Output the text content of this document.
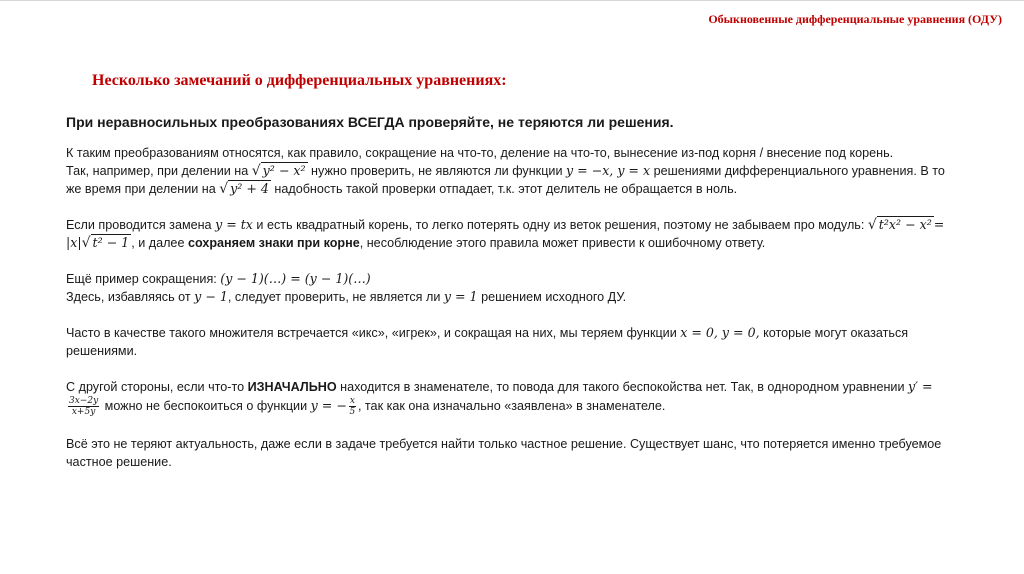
Обыкновенные дифференциальные уравнения (ОДУ)
Несколько замечаний о дифференциальных уравнениях:

При неравносильных преобразованиях ВСЕГДА проверяйте, не теряются ли решения.

К таким преобразованиям относятся, как правило, сокращение на что-то, деление на что-то, вынесение из-под корня / внесение под корень.

Так, например, при делении на √ y² − x² нужно проверить, не являются ли функции y = −x, y = x решениями дифференциального уравнения. В то же время при делении на √ y² + 4 надобность такой проверки отпадает, т.к. этот делитель не обращается в ноль.

Если проводится замена y = tx и есть квадратный корень, то легко потерять одну из веток решения, поэтому не забываем про модуль: √ t²x² − x² = |x|√ t² − 1 , и далее сохраняем знаки при корне, несоблюдение этого правила может привести к ошибочному ответу.

Ещё пример сокращения: (y − 1)(…) = (y − 1)(…)
Здесь, избавляясь от y − 1, следует проверить, не является ли y = 1 решением исходного ДУ.

Часто в качестве такого множителя встречается «икс», «игрек», и сокращая на них, мы теряем функции x = 0, y = 0, которые могут оказаться решениями.

С другой стороны, если что-то ИЗНАЧАЛЬНО находится в знаменателе, то повода для такого беспокойства нет. Так, в однородном уравнении y′ =
$\frac{3x-2y}{x+5y}$ можно не беспокоиться о функции y = − $\frac{x}{5}$ , так как она изначально «заявлена» в знаменателе.

Всё это не теряют актуальность, даже если в задаче требуется найти только частное решение. Существует шанс, что потеряется именно требуемое частное решение.
